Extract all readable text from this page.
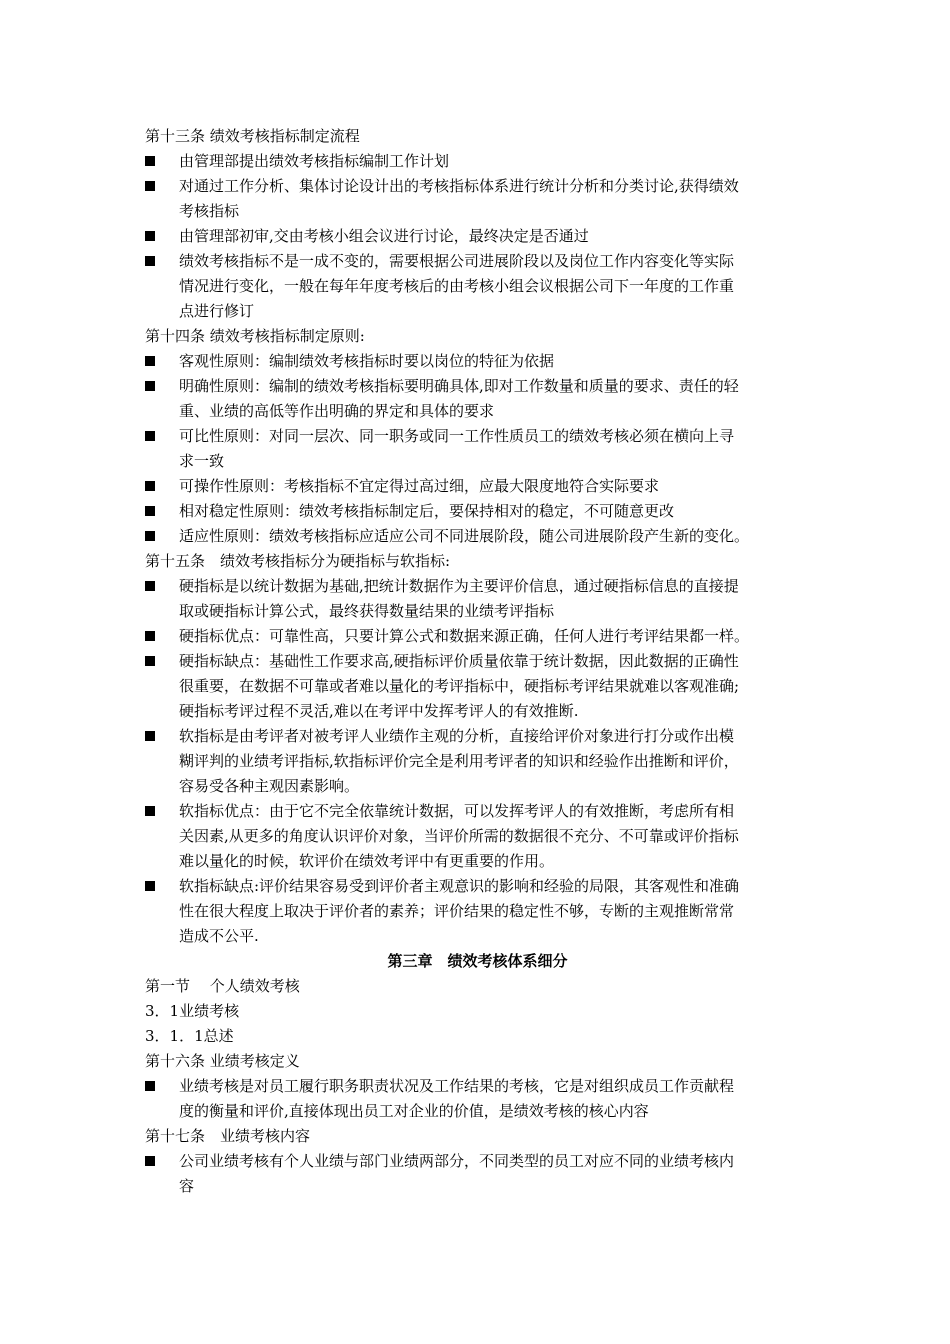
第十三条 绩效考核指标制定流程
由管理部提出绩效考核指标编制工作计划
对通过工作分析、集体讨论设计出的考核指标体系进行统计分析和分类讨论,获得绩效
考核指标
由管理部初审,交由考核小组会议进行讨论，最终决定是否通过
绩效考核指标不是一成不变的，需要根据公司进展阶段以及岗位工作内容变化等实际
情况进行变化，一般在每年年度考核后的由考核小组会议根据公司下一年度的工作重
点进行修订
第十四条 绩效考核指标制定原则:
客观性原则：编制绩效考核指标时要以岗位的特征为依据
明确性原则：编制的绩效考核指标要明确具体,即对工作数量和质量的要求、责任的轻
重、业绩的高低等作出明确的界定和具体的要求
可比性原则：对同一层次、同一职务或同一工作性质员工的绩效考核必须在横向上寻
求一致
可操作性原则：考核指标不宜定得过高过细，应最大限度地符合实际要求
相对稳定性原则：绩效考核指标制定后，要保持相对的稳定，不可随意更改
适应性原则：绩效考核指标应适应公司不同进展阶段，随公司进展阶段产生新的变化。
第十五条　绩效考核指标分为硬指标与软指标:
硬指标是以统计数据为基础,把统计数据作为主要评价信息，通过硬指标信息的直接提
取或硬指标计算公式，最终获得数量结果的业绩考评指标
硬指标优点：可靠性高，只要计算公式和数据来源正确，任何人进行考评结果都一样。
硬指标缺点：基础性工作要求高,硬指标评价质量依靠于统计数据，因此数据的正确性
很重要，在数据不可靠或者难以量化的考评指标中，硬指标考评结果就难以客观准确;
硬指标考评过程不灵活,难以在考评中发挥考评人的有效推断.
软指标是由考评者对被考评人业绩作主观的分析，直接给评价对象进行打分或作出模
糊评判的业绩考评指标,软指标评价完全是利用考评者的知识和经验作出推断和评价，
容易受各种主观因素影响。
软指标优点：由于它不完全依靠统计数据，可以发挥考评人的有效推断，考虑所有相
关因素,从更多的角度认识评价对象，当评价所需的数据很不充分、不可靠或评价指标
难以量化的时候，软评价在绩效考评中有更重要的作用。
软指标缺点:评价结果容易受到评价者主观意识的影响和经验的局限，其客观性和准确
性在很大程度上取决于评价者的素养；评价结果的稳定性不够，专断的主观推断常常
造成不公平.
第三章　绩效考核体系细分
第一节　 个人绩效考核
3．1业绩考核
3．1．1总述
第十六条 业绩考核定义
业绩考核是对员工履行职务职责状况及工作结果的考核，它是对组织成员工作贡献程
度的衡量和评价,直接体现出员工对企业的价值，是绩效考核的核心内容
第十七条　业绩考核内容
公司业绩考核有个人业绩与部门业绩两部分，不同类型的员工对应不同的业绩考核内
容
